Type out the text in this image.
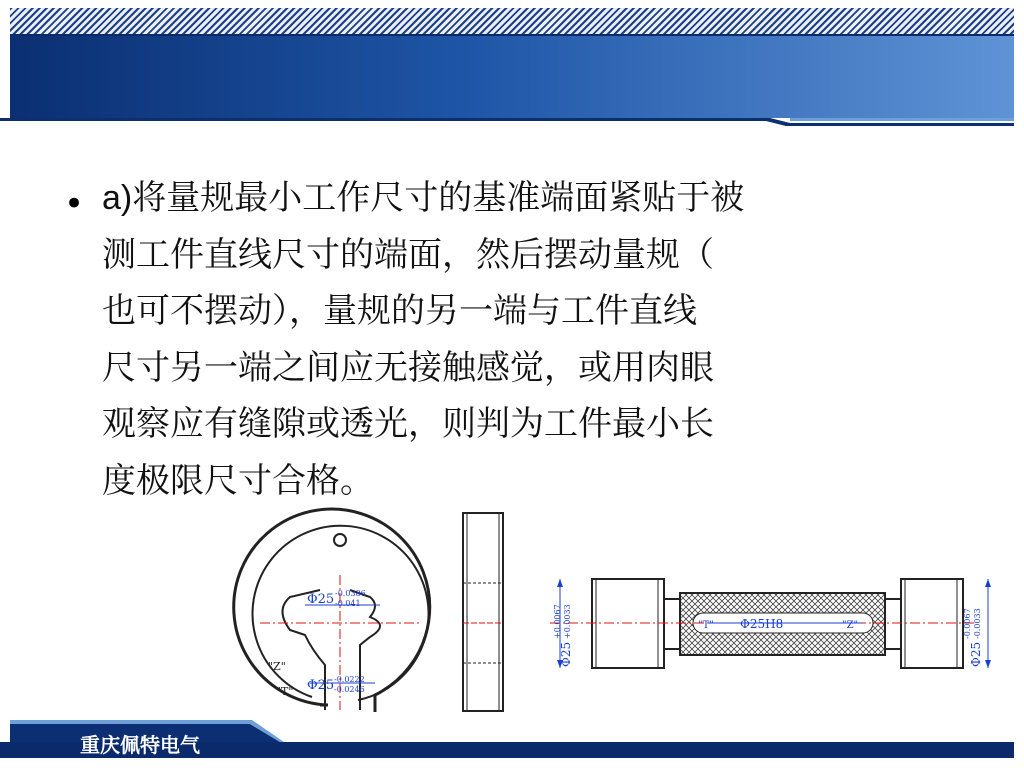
• a)将量规最小工作尺寸的基准端面紧贴于被
测工件直线尺寸的端面，然后摆动量规（
也可不摆动），量规的另一端与工件直线
尺寸另一端之间应无接触感觉，或用肉眼
观察应有缝隙或透光，则判为工件最小长
度极限尺寸合格。
Φ25 -0.0386
-0.041
Φ25 -0.0222
-0.0246
"Z"
"T"
Φ25
+0.0067 +0.0033
Φ25
-0.0067 -0.0033
Φ25H8
"T"	"Z"
重庆佩特电气
